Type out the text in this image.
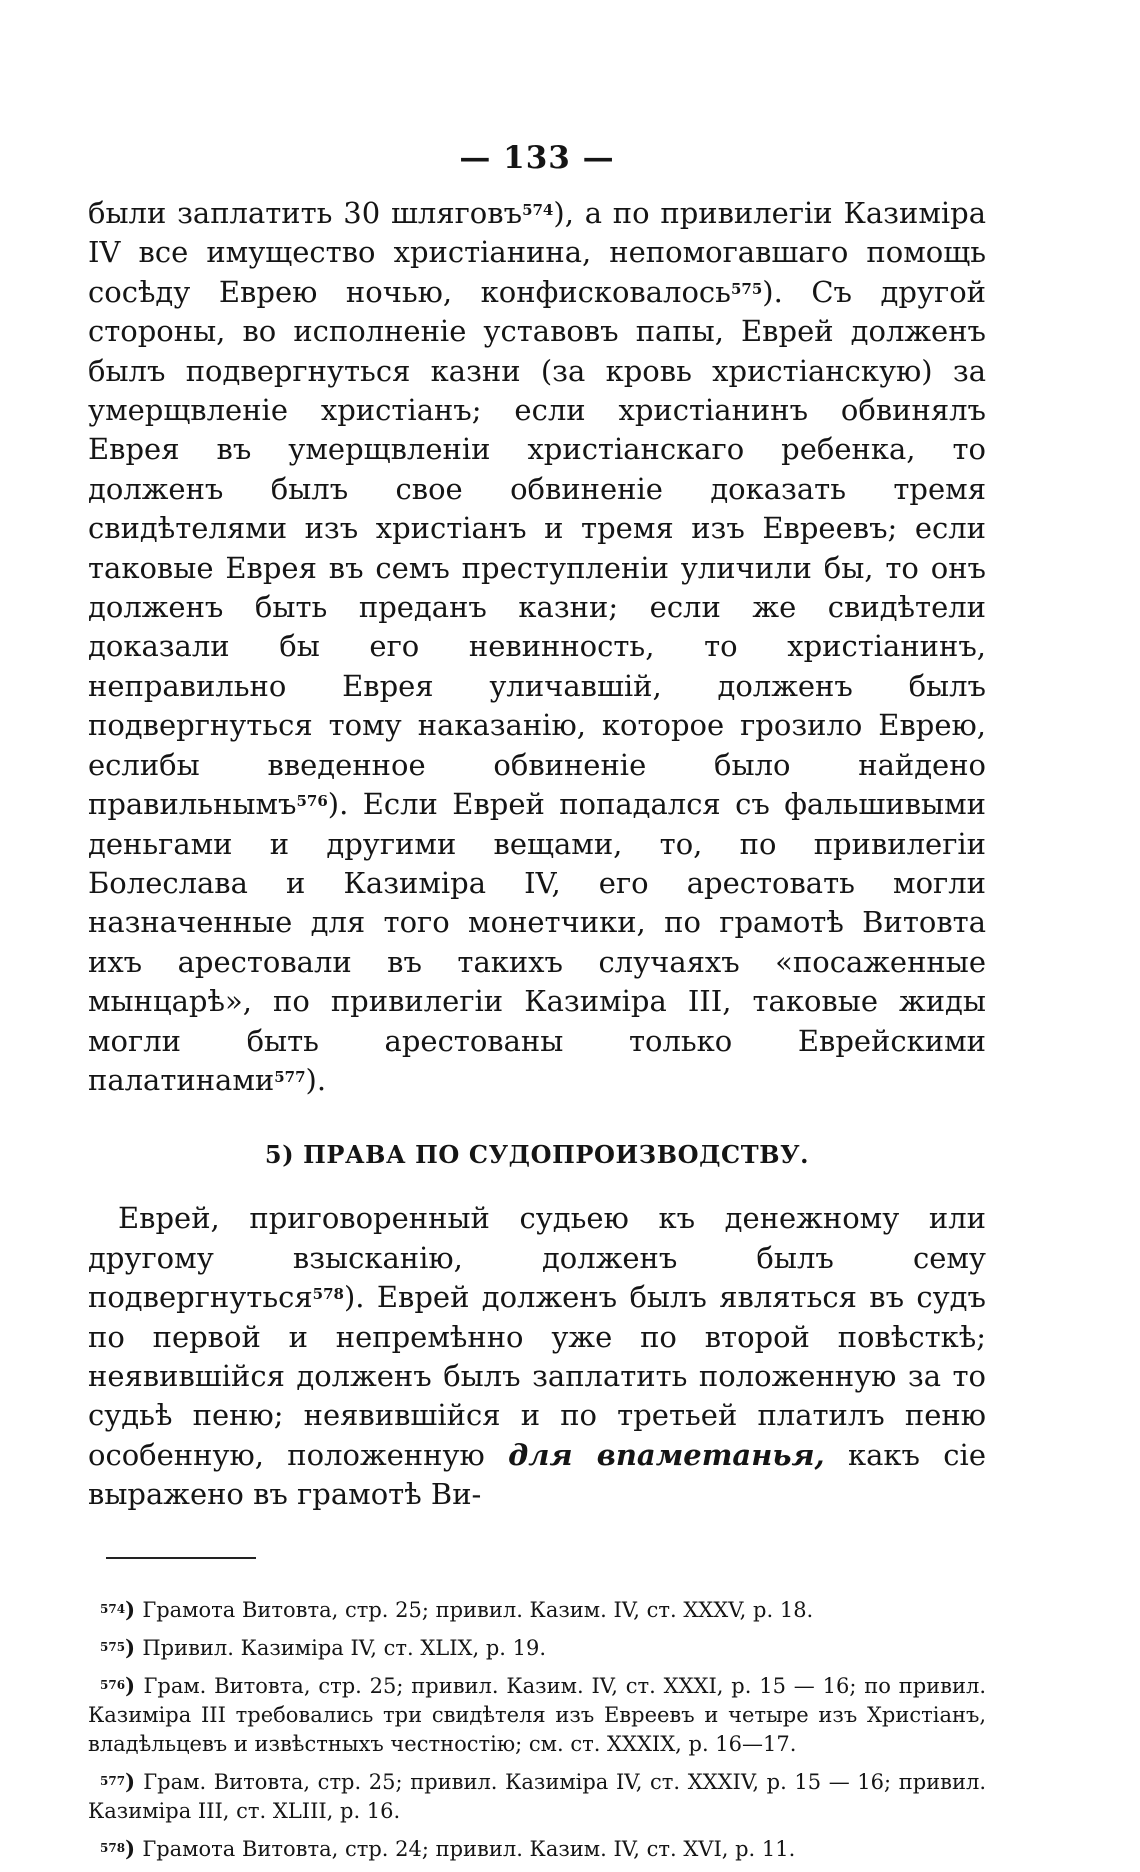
— 133 —

были заплатить 30 шляговъ$^{574}$), а по привилегіи Казиміра IV все имущество христіанина, непомогавшаго помощь сосѣду Еврею ночью, конфисковалось$^{575}$). Съ другой стороны, во исполненіе уставовъ папы, Еврей долженъ былъ подвергнуться казни (за кровь христіанскую) за умерщвленіе христіанъ; если христіанинъ обвинялъ Еврея въ умерщвленіи христіанскаго ребенка, то долженъ былъ свое обвиненіе доказать тремя свидѣтелями изъ христіанъ и тремя изъ Евреевъ; если таковые Еврея въ семъ преступленіи уличили бы, то онъ долженъ быть преданъ казни; если же свидѣтели доказали бы его невинность, то христіанинъ, неправильно Еврея уличавшій, долженъ былъ подвергнуться тому наказанію, которое грозило Еврею, еслибы введенное обвиненіе было найдено правильнымъ$^{576}$). Если Еврей попадался съ фальшивыми деньгами и другими вещами, то, по привилегіи Болеслава и Казиміра IV, его арестовать могли назначенные для того монетчики, по грамотѣ Витовта ихъ арестовали въ такихъ случаяхъ «посаженные мынцарѣ», по привилегіи Казиміра III, таковые жиды могли быть арестованы только Еврейскими палатинами$^{577}$).

5) ПРАВА ПО СУДОПРОИЗВОДСТВУ.

Еврей, приговоренный судьею къ денежному или другому взысканію, долженъ былъ сему подвергнуться$^{578}$). Еврей долженъ былъ являться въ судъ по первой и непремѣнно уже по второй повѣсткѣ; неявившійся долженъ былъ заплатить положенную за то судьѣ пеню; неявившійся и по третьей платилъ пеню особенную, положенную для впаметанья, какъ сіе выражено въ грамотѣ Ви-

$^{574}$) Грамота Витовта, стр. 25; привил. Казим. IV, ст. XXXV, р. 18.

$^{575}$) Привил. Казиміра IV, ст. XLIX, р. 19.

$^{576}$) Грам. Витовта, стр. 25; привил. Казим. IV, ст. XXXI, р. 15 — 16; по привил. Казиміра III требовались три свидѣтеля изъ Евреевъ и четыре изъ Христіанъ, владѣльцевъ и извѣстныхъ честностію; см. ст. XXXIX, р. 16—17.

$^{577}$) Грам. Витовта, стр. 25; привил. Казиміра IV, ст. XXXIV, р. 15 — 16; привил. Казиміра III, ст. XLIII, р. 16.

$^{578}$) Грамота Витовта, стр. 24; привил. Казим. IV, ст. XVI, р. 11.
